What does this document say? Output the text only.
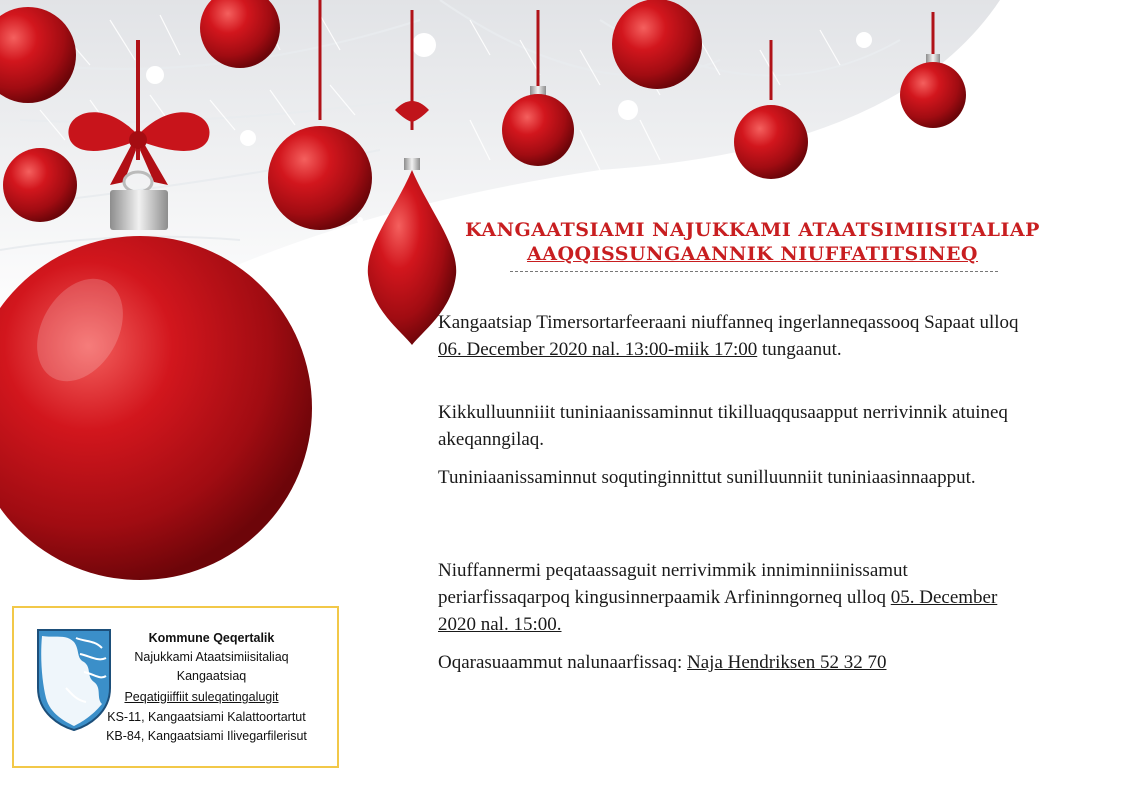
KANGAATSIAMI NAJUKKAMI ATAATSIMIISITALIAP
AAQQISSUNGAANNIK NIUFFATITSINEQ
Kangaatsiap Timersortarfeeraani niuffanneq ingerlanneqassooq Sapaat ulloq 06. December 2020 nal. 13:00-miik 17:00 tungaanut.
Kikkulluunniiit tuniniaanissaminnut tikilluaqqusaapput nerrivinnik atuineq akeqanngilaq.
Tuniniaanissaminnut soqutinginnittut sunilluunniit tuniniaasinnaapput.
Niuffannermi peqataassaguit nerrivimmik inniminniinissamut periarfissaqarpoq kingusinnerpaamik Arfininngorneq ulloq 05. December 2020 nal. 15:00.
Oqarasuaammut nalunaarfissaq: Naja Hendriksen 52 32 70
Kommune Qeqertalik
Najukkami Ataatsimiisitaliaq
Kangaatsiaq
Peqatigiiffiit suleqatingalugit
KS-11, Kangaatsiami Kalattoortartut
KB-84, Kangaatsiami Ilivegarfilerisut
